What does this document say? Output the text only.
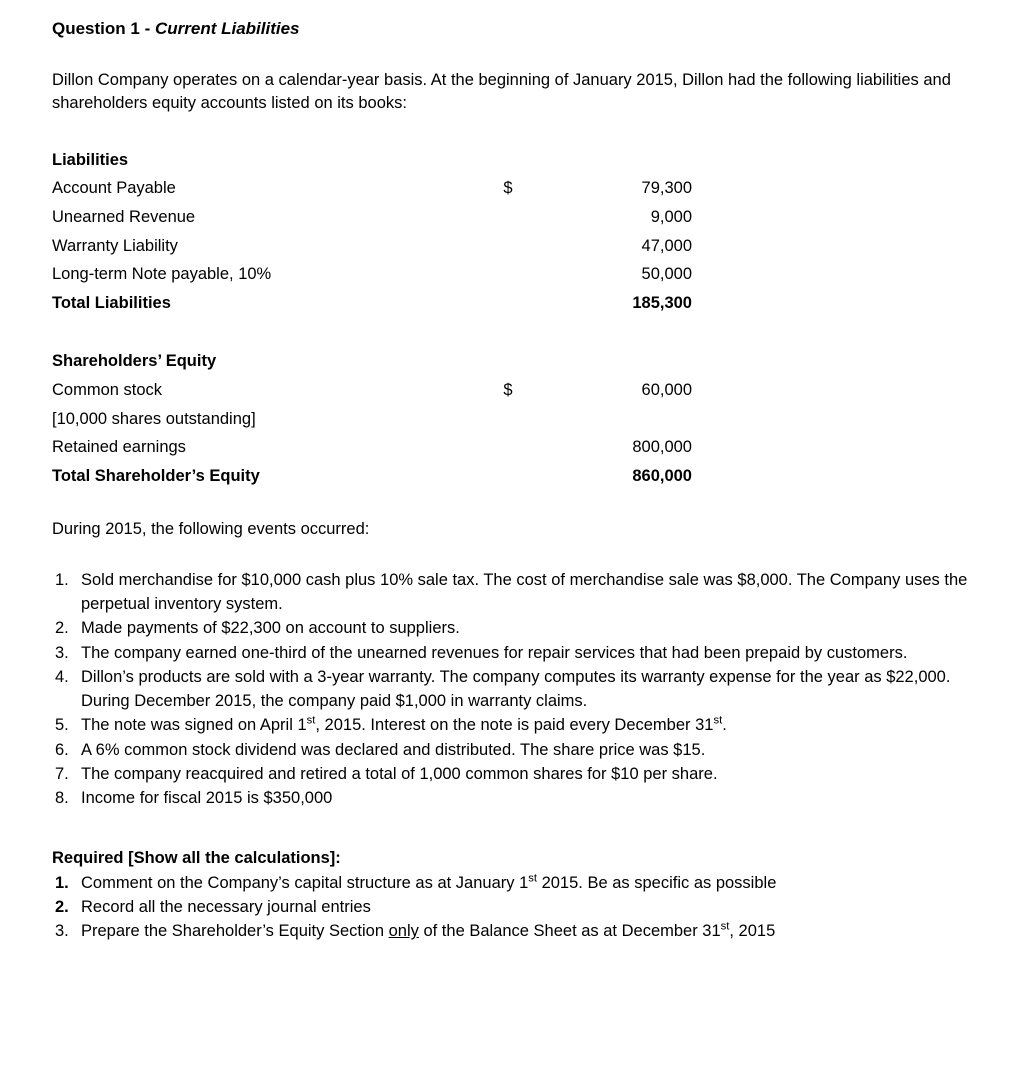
Question 1 - Current Liabilities
Dillon Company operates on a calendar-year basis. At the beginning of January 2015, Dillon had the following liabilities and shareholders equity accounts listed on its books:
Liabilities		
Account Payable	$	79,300
Unearned Revenue		9,000
Warranty Liability		47,000
Long-term Note payable, 10%		50,000
Total Liabilities		185,300
Shareholders’ Equity		
Common stock	$	60,000
[10,000 shares outstanding]		
Retained earnings		800,000
Total Shareholder’s Equity		860,000
During 2015, the following events occurred:
1. Sold merchandise for $10,000 cash plus 10% sale tax. The cost of merchandise sale was $8,000. The Company uses the perpetual inventory system.
2. Made payments of $22,300 on account to suppliers.
3. The company earned one-third of the unearned revenues for repair services that had been prepaid by customers.
4. Dillon’s products are sold with a 3-year warranty. The company computes its warranty expense for the year as $22,000. During December 2015, the company paid $1,000 in warranty claims.
5. The note was signed on April 1st, 2015. Interest on the note is paid every December 31st.
6. A 6% common stock dividend was declared and distributed. The share price was $15.
7. The company reacquired and retired a total of 1,000 common shares for $10 per share.
8. Income for fiscal 2015 is $350,000
Required [Show all the calculations]:
1. Comment on the Company’s capital structure as at January 1st 2015. Be as specific as possible
2. Record all the necessary journal entries
3. Prepare the Shareholder’s Equity Section only of the Balance Sheet as at December 31st, 2015
